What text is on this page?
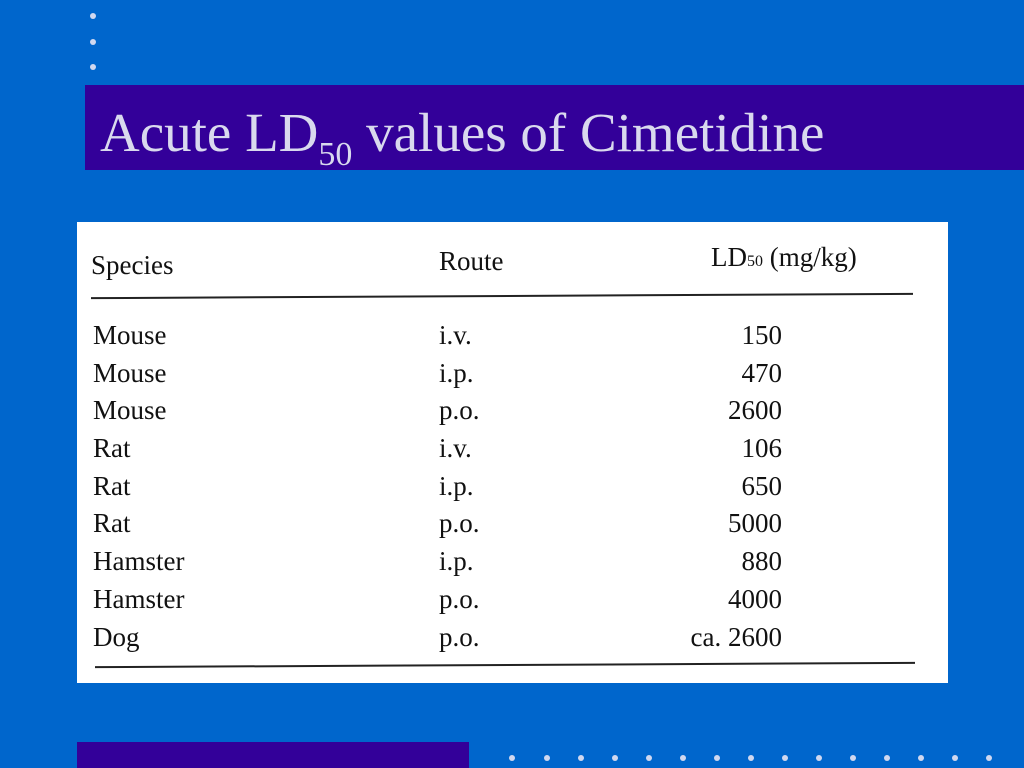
Acute $LD_{50}$ values of Cimetidine
Species	Route	LD50 (mg/kg)
Mouse	i.v.	150
Mouse	i.p.	470
Mouse	p.o.	2600
Rat	i.v.	106
Rat	i.p.	650
Rat	p.o.	5000
Hamster	i.p.	880
Hamster	p.o.	4000
Dog	p.o.	ca. 2600
